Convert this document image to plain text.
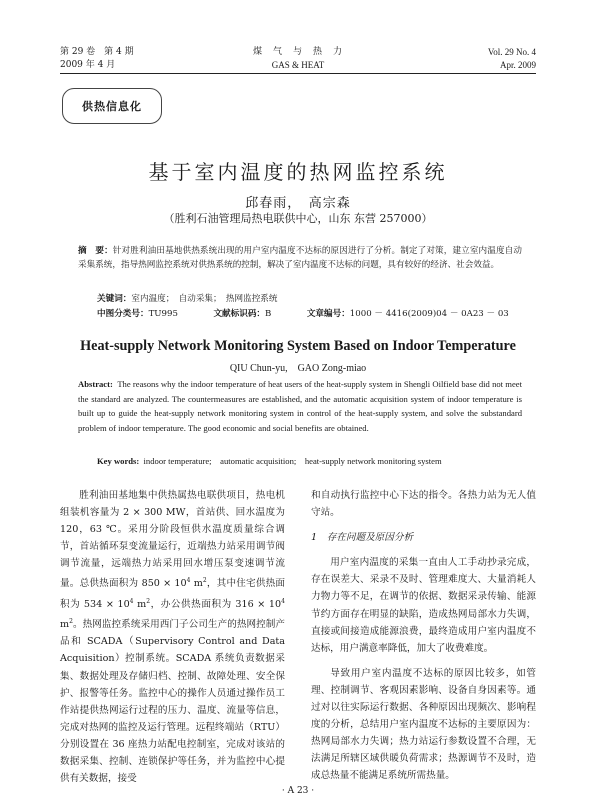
第 29 卷　第 4 期
2009 年 4 月
煤　气　与　热　力
GAS & HEAT
Vol. 29 No. 4
Apr. 2009
供热信息化
基于室内温度的热网监控系统
邱春雨，　高宗森
（胜利石油管理局热电联供中心，山东 东营 257000）
摘　要：针对胜利油田基地供热系统出现的用户室内温度不达标的原因进行了分析。制定了对策，建立室内温度自动采集系统，指导热网监控系统对供热系统的控制，解决了室内温度不达标的问题，具有较好的经济、社会效益。
关键词：室内温度；　自动采集；　热网监控系统
中图分类号：TU995	文献标识码：B	文章编号：1000 － 4416(2009)04 － 0A23 － 03
Heat-supply Network Monitoring System Based on Indoor Temperature
QIU Chun-yu,　GAO Zong-miao
Abstract: The reasons why the indoor temperature of heat users of the heat-supply system in Shengli Oilfield base did not meet the standard are analyzed. The countermeasures are established, and the automatic acquisition system of indoor temperature is built up to guide the heat-supply network monitoring system in control of the heat-supply system, and solve the substandard problem of indoor temperature. The good economic and social benefits are obtained.
Key words: indoor temperature;　automatic acquisition;　heat-supply network monitoring system

胜利油田基地集中供热属热电联供项目，热电机组装机容量为 2 × 300 MW，首站供、回水温度为 120，63 ℃。采用分阶段恒供水温度质量综合调节，首站循环泵变流量运行，近端热力站采用调节阀调节流量，远端热力站采用回水增压泵变速调节流量。总供热面积为 $850 \times 10^4$ $m^2$，其中住宅供热面积为 $534 \times 10^4$ $m^2$，办公供热面积为 $316 \times 10^4$ $m^2$。热网监控系统采用西门子公司生产的热网控制产品和 SCADA（Supervisory Control and Data Acquisition）控制系统。SCADA 系统负责数据采集、数据处理及存储归档、控制、故障处理、安全保护、报警等任务。监控中心的操作人员通过操作员工作站提供热网运行过程的压力、温度、流量等信息，完成对热网的监控及运行管理。远程终端站（RTU）分别设置在 36 座热力站配电控制室，完成对该站的数据采集、控制、连锁保护等任务，并为监控中心提供有关数据，接受

和自动执行监控中心下达的指令。各热力站为无人值守站。

1　存在问题及原因分析

用户室内温度的采集一直由人工手动抄录完成，存在误差大、采录不及时、管理难度大、大量消耗人力物力等不足，在调节的依据、数据采录传输、能源节约方面存在明显的缺陷，造成热网局部水力失调，直接或间接造成能源浪费，最终造成用户室内温度不达标，用户满意率降低，加大了收费难度。

导致用户室内温度不达标的原因比较多，如管理、控制调节、客观因素影响、设备自身因素等。通过对以往实际运行数据、各种原因出现频次、影响程度的分析，总结用户室内温度不达标的主要原因为：热网局部水力失调；热力站运行参数设置不合理，无法满足所辖区域供暖负荷需求；热源调节不及时，造成总热量不能满足系统所需热量。

· A 23 ·
